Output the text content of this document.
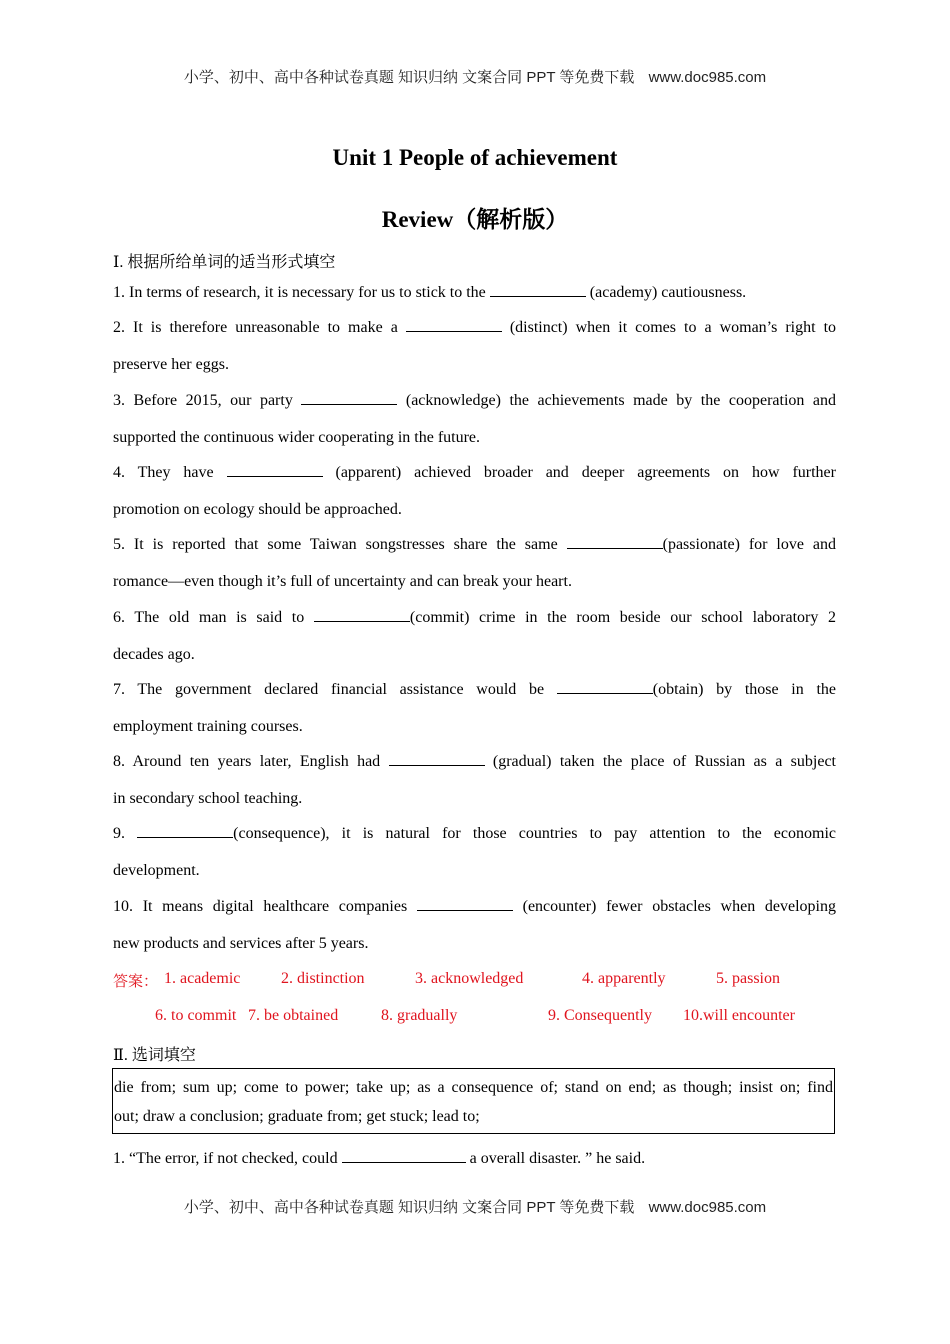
小学、初中、高中各种试卷真题 知识归纳 文案合同 PPT 等免费下载 www.doc985.com
Unit 1 People of achievement
Review（解析版）
Ⅰ. 根据所给单词的适当形式填空
1. In terms of research, it is necessary for us to stick to the	(academy) cautiousness.
2. It is therefore unreasonable to make a	(distinct) when it comes to a woman’s right to
preserve her eggs.
3. Before 2015, our party	(acknowledge) the achievements made by the cooperation and
supported the continuous wider cooperating in the future.
4. They have	(apparent) achieved broader and deeper agreements on how further
promotion on ecology should be approached.
5. It is reported that some Taiwan songstresses share the same	(passionate) for love and
romance—even though it’s full of uncertainty and can break your heart.
6. The old man is said to	(commit) crime in the room beside our school laboratory 2
decades ago.
7. The government declared financial assistance would be	(obtain) by those in the
employment training courses.
8. Around ten years later, English had	(gradual) taken the place of Russian as a subject
in secondary school teaching.
9.	(consequence), it is natural for those countries to pay attention to the economic
development.
10. It means digital healthcare companies	(encounter) fewer obstacles when developing
new products and services after 5 years.
答案： 1. academic	2. distinction	3. acknowledged	4. apparently	5. passion
6. to commit 7. be obtained	8. gradually	9. Consequently 10.will encounter
Ⅱ. 选词填空
die from; sum up; come to power; take up; as a consequence of; stand on end; as though; insist on; find
out; draw a conclusion; graduate from; get stuck; lead to;
1. “The error, if not checked, could	a overall disaster. ” he said.
小学、初中、高中各种试卷真题 知识归纳 文案合同 PPT 等免费下载 www.doc985.com
